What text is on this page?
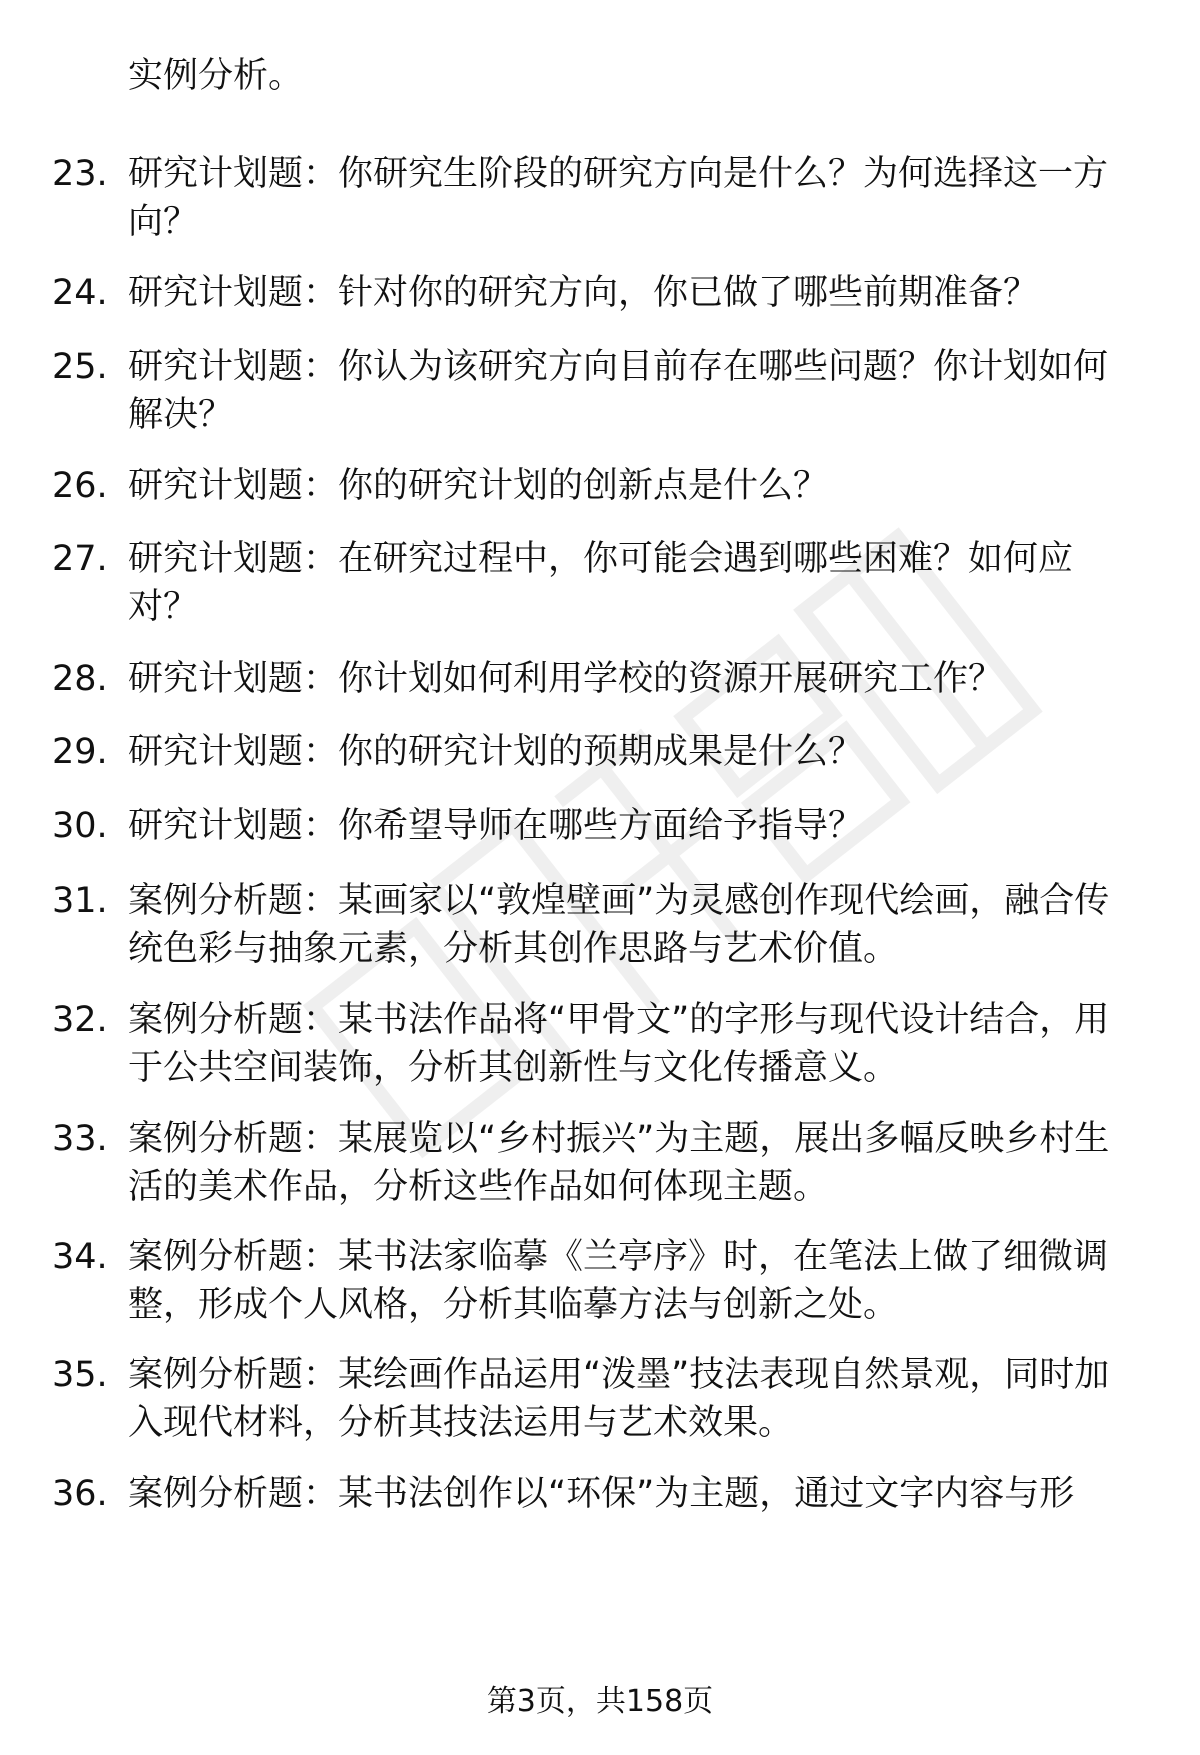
实例分析。
23. 研究计划题：你研究生阶段的研究方向是什么？为何选择这一方向？
24. 研究计划题：针对你的研究方向，你已做了哪些前期准备？
25. 研究计划题：你认为该研究方向目前存在哪些问题？你计划如何解决？
26. 研究计划题：你的研究计划的创新点是什么？
27. 研究计划题：在研究过程中，你可能会遇到哪些困难？如何应对？
28. 研究计划题：你计划如何利用学校的资源开展研究工作？
29. 研究计划题：你的研究计划的预期成果是什么？
30. 研究计划题：你希望导师在哪些方面给予指导？
31. 案例分析题：某画家以“敦煌壁画”为灵感创作现代绘画，融合传统色彩与抽象元素，分析其创作思路与艺术价值。
32. 案例分析题：某书法作品将“甲骨文”的字形与现代设计结合，用于公共空间装饰，分析其创新性与文化传播意义。
33. 案例分析题：某展览以“乡村振兴”为主题，展出多幅反映乡村生活的美术作品，分析这些作品如何体现主题。
34. 案例分析题：某书法家临摹《兰亭序》时，在笔法上做了细微调整，形成个人风格，分析其临摹方法与创新之处。
35. 案例分析题：某绘画作品运用“泼墨”技法表现自然景观，同时加入现代材料，分析其技法运用与艺术效果。
36. 案例分析题：某书法创作以“环保”为主题，通过文字内容与形
第3页，共158页
